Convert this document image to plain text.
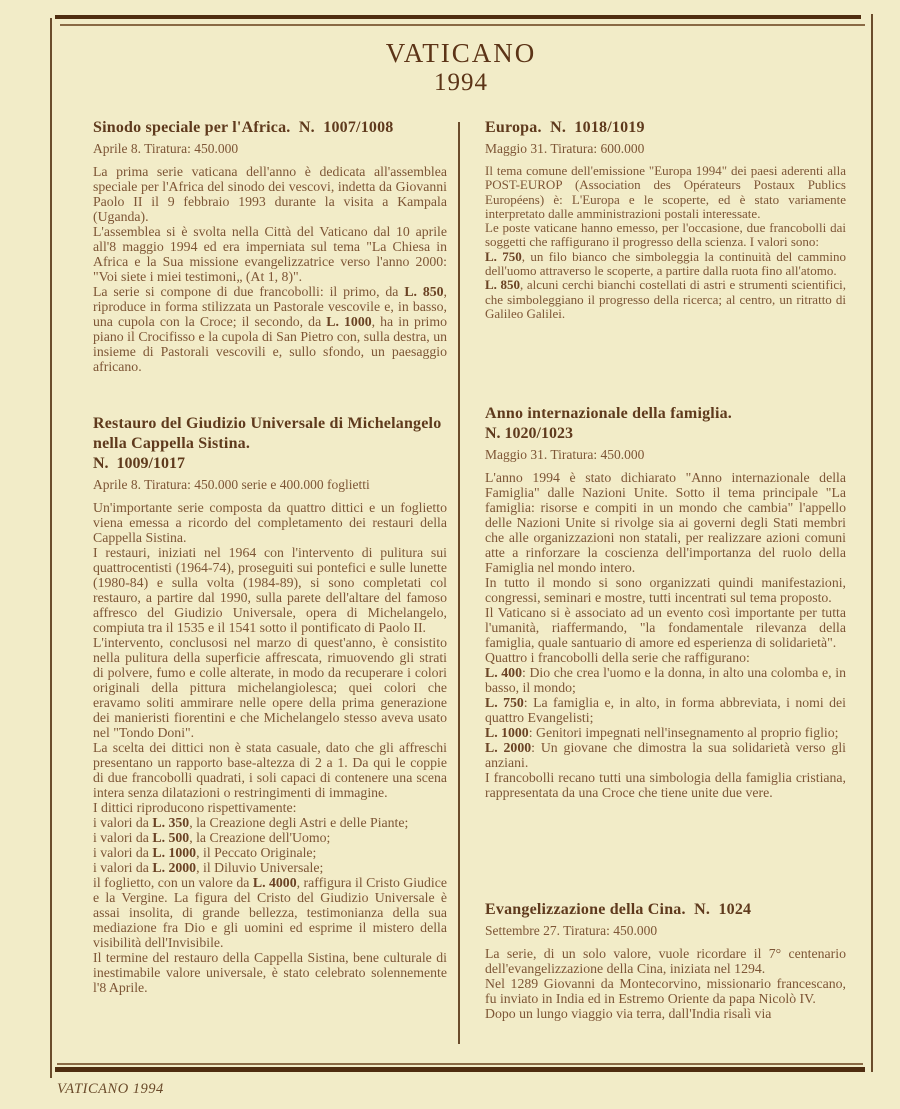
VATICANO
1994
Sinodo speciale per l'Africa.  N.  1007/1008
Aprile 8. Tiratura: 450.000

La prima serie vaticana dell'anno è dedicata all'assemblea speciale per l'Africa del sinodo dei vescovi, indetta da Giovanni Paolo II il 9 febbraio 1993 durante la visita a Kampala (Uganda).

L'assemblea si è svolta nella Città del Vaticano dal 10 aprile all'8 maggio 1994 ed era imperniata sul tema "La Chiesa in Africa e la Sua missione evangelizzatrice verso l'anno 2000: "Voi siete i miei testimoni„ (At 1, 8)".

La serie si compone di due francobolli: il primo, da L. 850, riproduce in forma stilizzata un Pastorale vescovile e, in basso, una cupola con la Croce; il secondo, da L. 1000, ha in primo piano il Crocifisso e la cupola di San Pietro con, sulla destra, un insieme di Pastorali vescovili e, sullo sfondo, un paesaggio africano.

Restauro del Giudizio Universale di Michelangelo nella Cappella Sistina.
N.  1009/1017
Aprile 8. Tiratura: 450.000 serie e 400.000 foglietti

Un'importante serie composta da quattro dittici e un foglietto viena emessa a ricordo del completamento dei restauri della Cappella Sistina.

I restauri, iniziati nel 1964 con l'intervento di pulitura sui quattrocentisti (1964-74), proseguiti sui pontefici e sulle lunette (1980-84) e sulla volta (1984-89), si sono completati col restauro, a partire dal 1990, sulla parete dell'altare del famoso affresco del Giudizio Universale, opera di Michelangelo, compiuta tra il 1535 e il 1541 sotto il pontificato di Paolo II.

L'intervento, conclusosi nel marzo di quest'anno, è consistito nella pulitura della superficie affrescata, rimuovendo gli strati di polvere, fumo e colle alterate, in modo da recuperare i colori originali della pittura michelangiolesca; quei colori che eravamo soliti ammirare nelle opere della prima generazione dei manieristi fiorentini e che Michelangelo stesso aveva usato nel "Tondo Doni".

La scelta dei dittici non è stata casuale, dato che gli affreschi presentano un rapporto base-altezza di 2 a 1. Da qui le coppie di due francobolli quadrati, i soli capaci di contenere una scena intera senza dilatazioni o restringimenti di immagine.

I dittici riproducono rispettivamente:

i valori da L. 350, la Creazione degli Astri e delle Piante;

i valori da L. 500, la Creazione dell'Uomo;

i valori da L. 1000, il Peccato Originale;

i valori da L. 2000, il Diluvio Universale;

il foglietto, con un valore da L. 4000, raffigura il Cristo Giudice e la Vergine. La figura del Cristo del Giudizio Universale è assai insolita, di grande bellezza, testimonianza della sua mediazione fra Dio e gli uomini ed esprime il mistero della visibilità dell'Invisibile.

Il termine del restauro della Cappella Sistina, bene culturale di inestimabile valore universale, è stato celebrato solennemente l'8 Aprile.

Europa.  N.  1018/1019
Maggio 31. Tiratura: 600.000

Il tema comune dell'emissione "Europa 1994" dei paesi aderenti alla POST-EUROP (Association des Opérateurs Postaux Publics Européens) è: L'Europa e le scoperte, ed è stato variamente interpretato dalle amministrazioni postali interessate.

Le poste vaticane hanno emesso, per l'occasione, due francobolli dai soggetti che raffigurano il progresso della scienza. I valori sono:

L. 750, un filo bianco che simboleggia la continuità del cammino dell'uomo attraverso le scoperte, a partire dalla ruota fino all'atomo.

L. 850, alcuni cerchi bianchi costellati di astri e strumenti scientifici, che simboleggiano il progresso della ricerca; al centro, un ritratto di Galileo Galilei.

Anno internazionale della famiglia.
N. 1020/1023
Maggio 31. Tiratura: 450.000

L'anno 1994 è stato dichiarato "Anno internazionale della Famiglia" dalle Nazioni Unite. Sotto il tema principale "La famiglia: risorse e compiti in un mondo che cambia" l'appello delle Nazioni Unite si rivolge sia ai governi degli Stati membri che alle organizzazioni non statali, per realizzare azioni comuni atte a rinforzare la coscienza dell'importanza del ruolo della Famiglia nel mondo intero.

In tutto il mondo si sono organizzati quindi manifestazioni, congressi, seminari e mostre, tutti incentrati sul tema proposto.

Il Vaticano si è associato ad un evento così importante per tutta l'umanità, riaffermando, "la fondamentale rilevanza della famiglia, quale santuario di amore ed esperienza di solidarietà".

Quattro i francobolli della serie che raffigurano:

L. 400: Dio che crea l'uomo e la donna, in alto una colomba e, in basso, il mondo;

L. 750: La famiglia e, in alto, in forma abbreviata, i nomi dei quattro Evangelisti;

L. 1000: Genitori impegnati nell'insegnamento al proprio figlio;

L. 2000: Un giovane che dimostra la sua solidarietà verso gli anziani.

I francobolli recano tutti una simbologia della famiglia cristiana, rappresentata da una Croce che tiene unite due vere.

Evangelizzazione della Cina.  N.  1024
Settembre 27. Tiratura: 450.000

La serie, di un solo valore, vuole ricordare il 7° centenario dell'evangelizzazione della Cina, iniziata nel 1294.

Nel 1289 Giovanni da Montecorvino, missionario francescano, fu inviato in India ed in Estremo Oriente da papa Nicolò IV.

Dopo un lungo viaggio via terra, dall'India risalì via

VATICANO 1994
